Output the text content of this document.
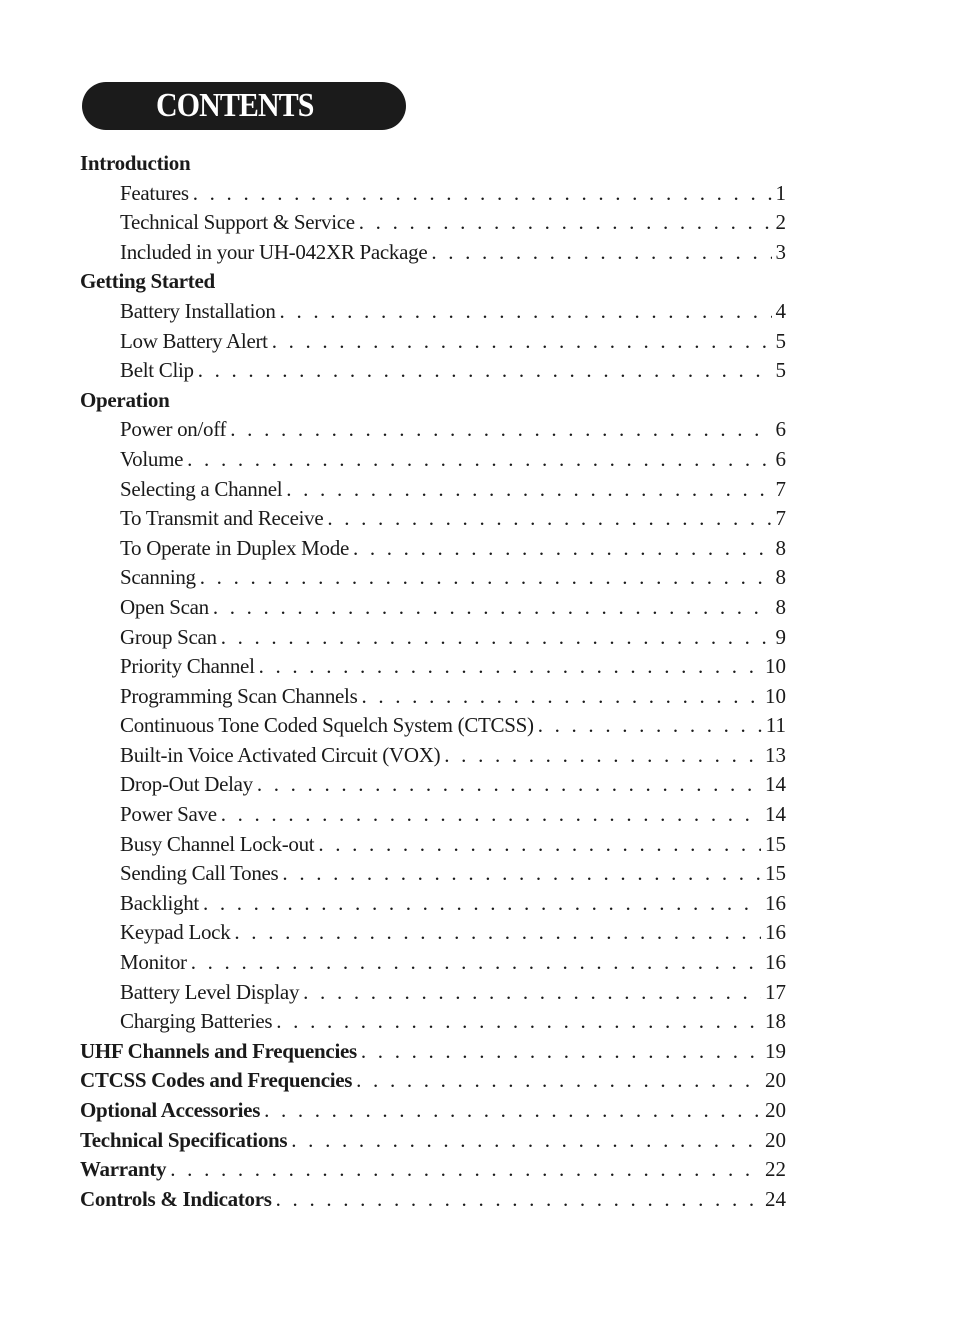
CONTENTS
Introduction
Features . . .	1
Technical Support & Service . . .	2
Included in your UH-042XR Package . . .	3
Getting Started
Battery Installation . . .	4
Low Battery Alert . . .	5
Belt Clip . . .	5
Operation
Power on/off . . .	6
Volume . . .	6
Selecting a Channel . . .	7
To Transmit and Receive . . .	7
To Operate in Duplex Mode . . .	8
Scanning . . .	8
Open Scan . . .	8
Group Scan . . .	9
Priority Channel . . .	10
Programming Scan Channels . . .	10
Continuous Tone Coded Squelch System (CTCSS) . . .	11
Built-in Voice Activated Circuit (VOX) . . .	13
Drop-Out Delay . . .	14
Power Save . . .	14
Busy Channel Lock-out . . .	15
Sending Call Tones . . .	15
Backlight . . .	16
Keypad Lock . . .	16
Monitor . . .	16
Battery Level Display . . .	17
Charging Batteries . . .	18
UHF Channels and Frequencies . . .	19
CTCSS Codes and Frequencies . . .	20
Optional Accessories . . .	20
Technical Specifications . . .	20
Warranty . . .	22
Controls & Indicators . . .	24
